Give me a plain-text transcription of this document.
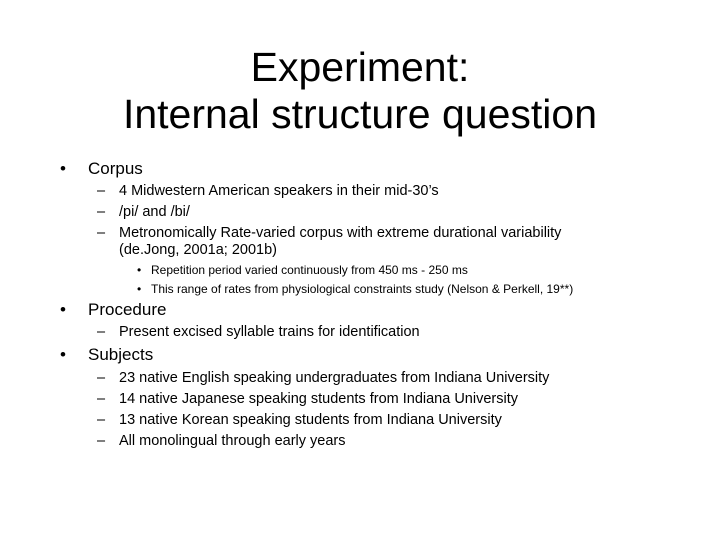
Experiment:
Internal structure question
• Corpus
– 4 Midwestern American speakers in their mid-30’s
– /pi/ and /bi/
– Metronomically Rate-varied corpus with extreme durational variability
(de.Jong, 2001a; 2001b)
• Repetition period varied continuously from 450 ms - 250 ms
• This range of rates from physiological constraints study (Nelson & Perkell, 19**)
• Procedure
– Present excised syllable trains for identification
• Subjects
– 23 native English speaking undergraduates from Indiana University
– 14 native Japanese speaking students from Indiana University
– 13 native Korean speaking students from Indiana University
– All monolingual through early years
